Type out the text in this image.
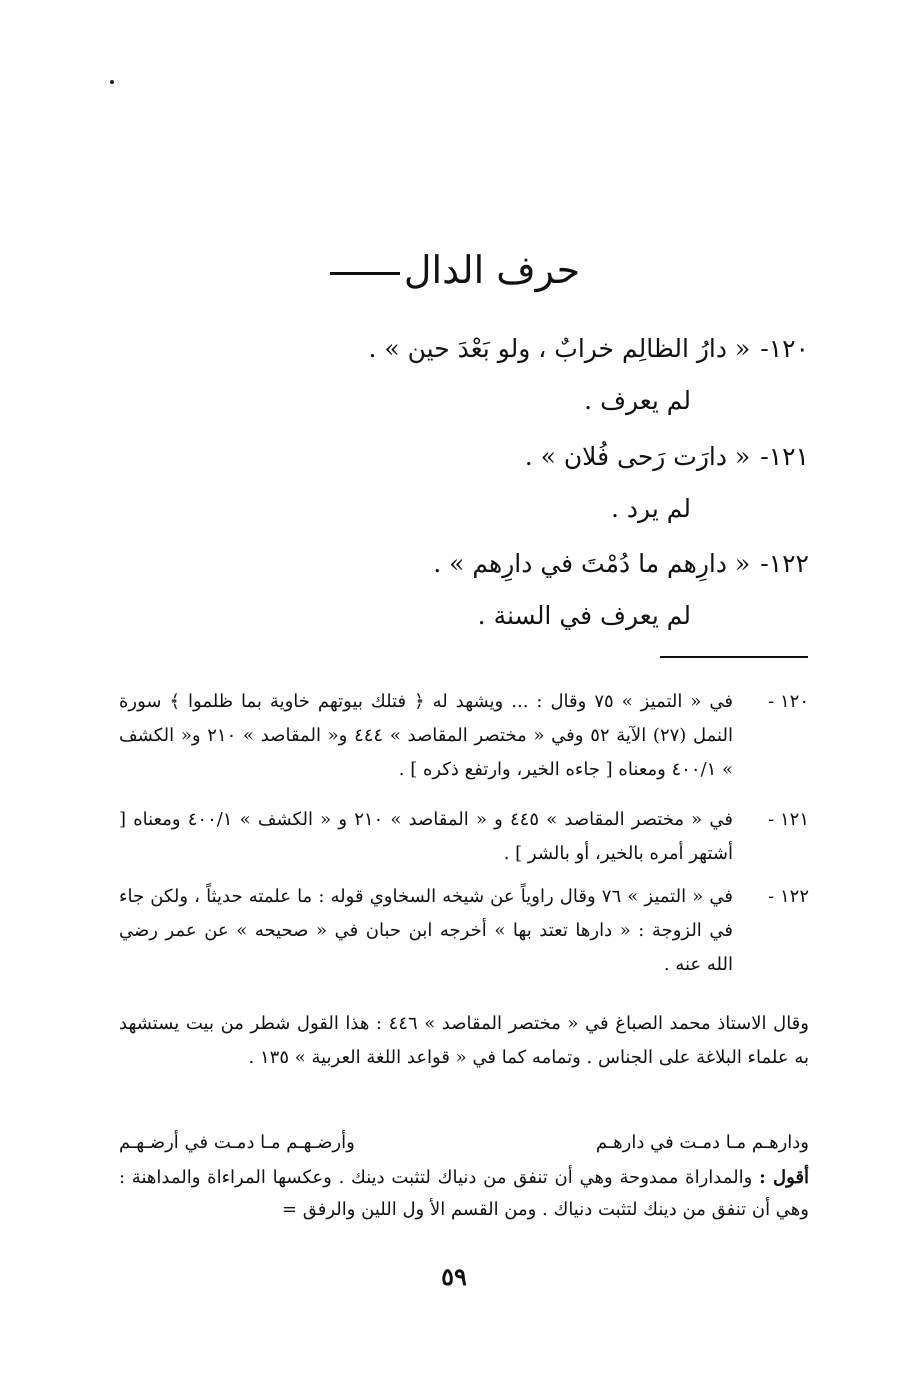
حرف الدال
١٢٠-« دارُ الظالِم خرابٌ ، ولو بَعْدَ حين » .
لم يعرف .
١٢١-« دارَت رَحى فُلان » .
لم يرد .
١٢٢-« دارِهم ما دُمْتَ في دارِهم » .
لم يعرف في السنة .
١٢٠ -
في « التميز » ٧٥ وقال : ... ويشهد له ﴿ فتلك بيوتهم خاوية بما ظلموا ﴾ سورة النمل (٢٧) الآية ٥٢ وفي « مختصر المقاصد » ٤٤٤ و« المقاصد » ٢١٠ و« الكشف » ٤٠٠/١ ومعناه [ جاءه الخير، وارتفع ذكره ] .
١٢١ -
في « مختصر المقاصد » ٤٤٥ و « المقاصد » ٢١٠ و « الكشف » ٤٠٠/١ ومعناه [ أشتهر أمره بالخير، أو بالشر ] .
١٢٢ -
في « التميز » ٧٦ وقال راوياً عن شيخه السخاوي قوله : ما علمته حديثاً ، ولكن جاء في الزوجة : « دارها تعتد بها » أخرجه ابن حبان في « صحيحه » عن عمر رضي الله عنه .
وقال الاستاذ محمد الصباغ في « مختصر المقاصد » ٤٤٦ : هذا القول شطر من بيت يستشهد به علماء البلاغة على الجناس . وتمامه كما في « قواعد اللغة العربية » ١٣٥ .
ودارهـم مـا دمـت في دارهـم
وأرضـهـم مـا دمـت في أرضـهـم
أقول : والمداراة ممدوحة وهي أن تنفق من دنياك لتثبت دينك . وعكسها المراءاة والمداهنة : وهي أن تنفق من دينك لتثبت دنياك . ومن القسم الأ ول اللين والرفق =
٥٩
